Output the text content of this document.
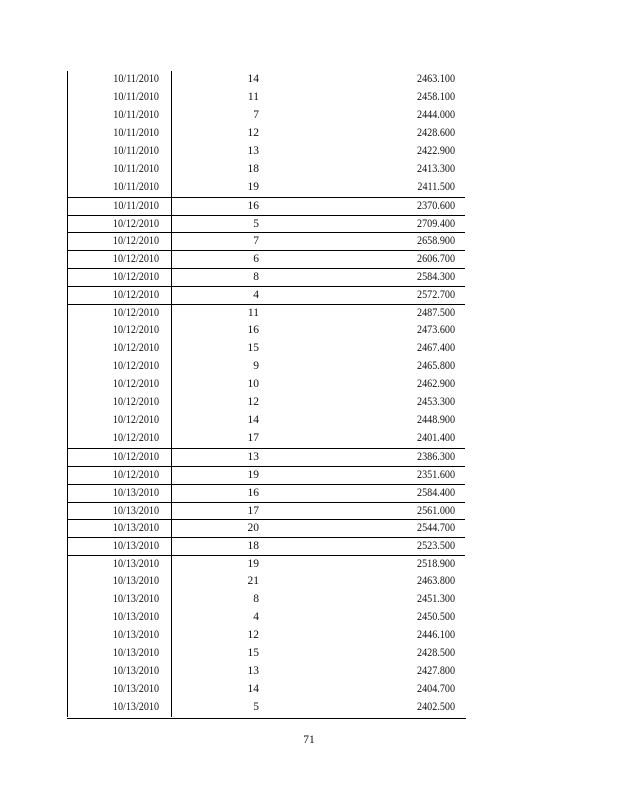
10/11/2010	14	2463.100
10/11/2010	11	2458.100
10/11/2010	7	2444.000
10/11/2010	12	2428.600
10/11/2010	13	2422.900
10/11/2010	18	2413.300
10/11/2010	19	2411.500
10/11/2010	16	2370.600
10/12/2010	5	2709.400
10/12/2010	7	2658.900
10/12/2010	6	2606.700
10/12/2010	8	2584.300
10/12/2010	4	2572.700
10/12/2010	11	2487.500
10/12/2010	16	2473.600
10/12/2010	15	2467.400
10/12/2010	9	2465.800
10/12/2010	10	2462.900
10/12/2010	12	2453.300
10/12/2010	14	2448.900
10/12/2010	17	2401.400
10/12/2010	13	2386.300
10/12/2010	19	2351.600
10/13/2010	16	2584.400
10/13/2010	17	2561.000
10/13/2010	20	2544.700
10/13/2010	18	2523.500
10/13/2010	19	2518.900
10/13/2010	21	2463.800
10/13/2010	8	2451.300
10/13/2010	4	2450.500
10/13/2010	12	2446.100
10/13/2010	15	2428.500
10/13/2010	13	2427.800
10/13/2010	14	2404.700
10/13/2010	5	2402.500
71
